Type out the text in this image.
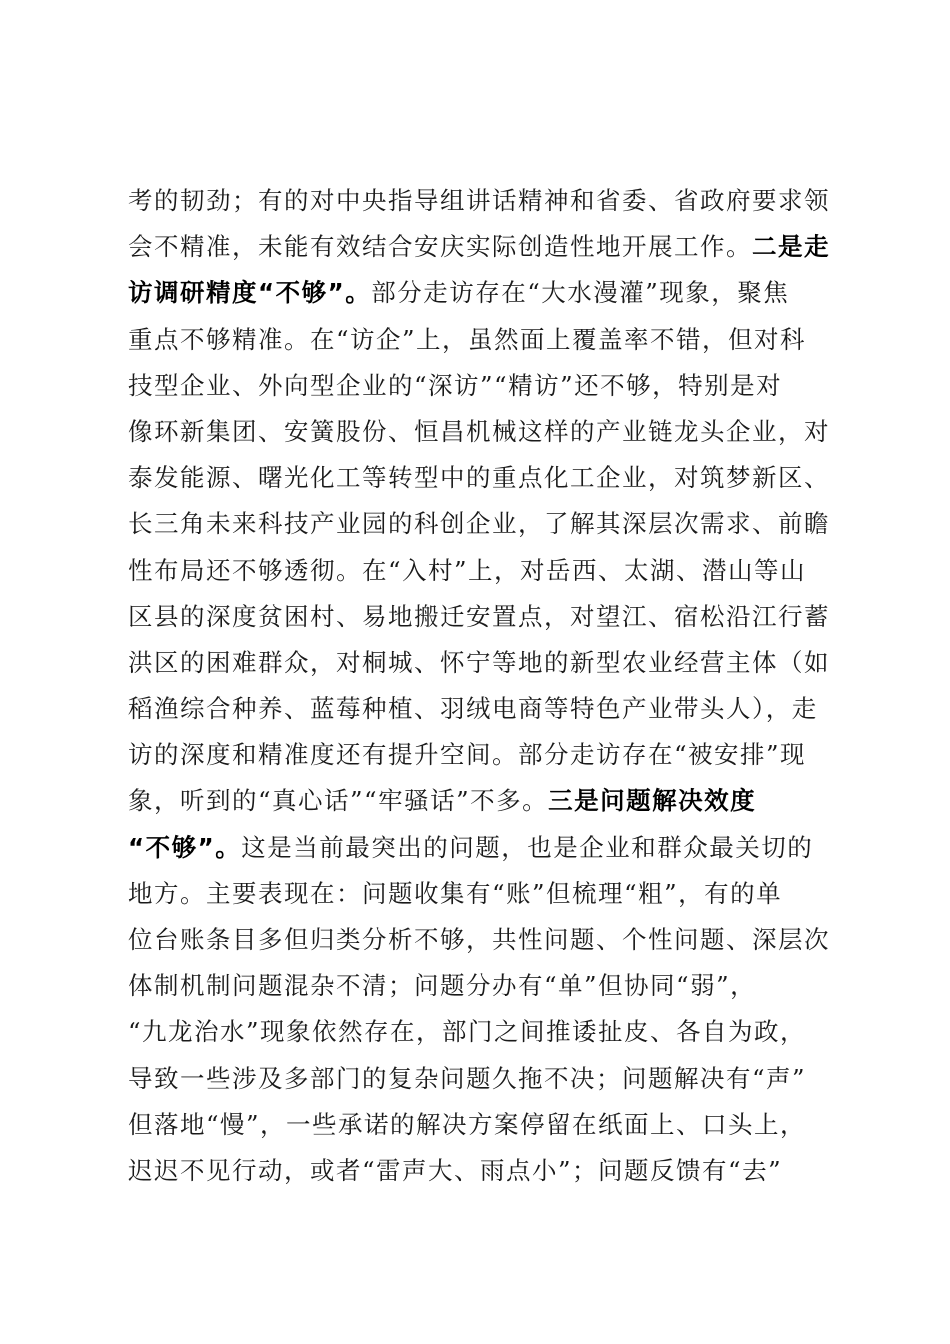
考的韧劲；有的对中央指导组讲话精神和省委、省政府要求领
会不精准，未能有效结合安庆实际创造性地开展工作。二是走
访调研精度“不够”。部分走访存在“大水漫灌”现象，聚焦
重点不够精准。在“访企”上，虽然面上覆盖率不错，但对科
技型企业、外向型企业的“深访”“精访”还不够，特别是对
像环新集团、安簧股份、恒昌机械这样的产业链龙头企业，对
泰发能源、曙光化工等转型中的重点化工企业，对筑梦新区、
长三角未来科技产业园的科创企业，了解其深层次需求、前瞻
性布局还不够透彻。在“入村”上，对岳西、太湖、潜山等山
区县的深度贫困村、易地搬迁安置点，对望江、宿松沿江行蓄
洪区的困难群众，对桐城、怀宁等地的新型农业经营主体（如
稻渔综合种养、蓝莓种植、羽绒电商等特色产业带头人），走
访的深度和精准度还有提升空间。部分走访存在“被安排”现
象，听到的“真心话”“牢骚话”不多。三是问题解决效度
“不够”。这是当前最突出的问题，也是企业和群众最关切的
地方。主要表现在：问题收集有“账”但梳理“粗”，有的单
位台账条目多但归类分析不够，共性问题、个性问题、深层次
体制机制问题混杂不清；问题分办有“单”但协同“弱”，
“九龙治水”现象依然存在，部门之间推诿扯皮、各自为政，
导致一些涉及多部门的复杂问题久拖不决；问题解决有“声”
但落地“慢”，一些承诺的解决方案停留在纸面上、口头上，
迟迟不见行动，或者“雷声大、雨点小”；问题反馈有“去”
